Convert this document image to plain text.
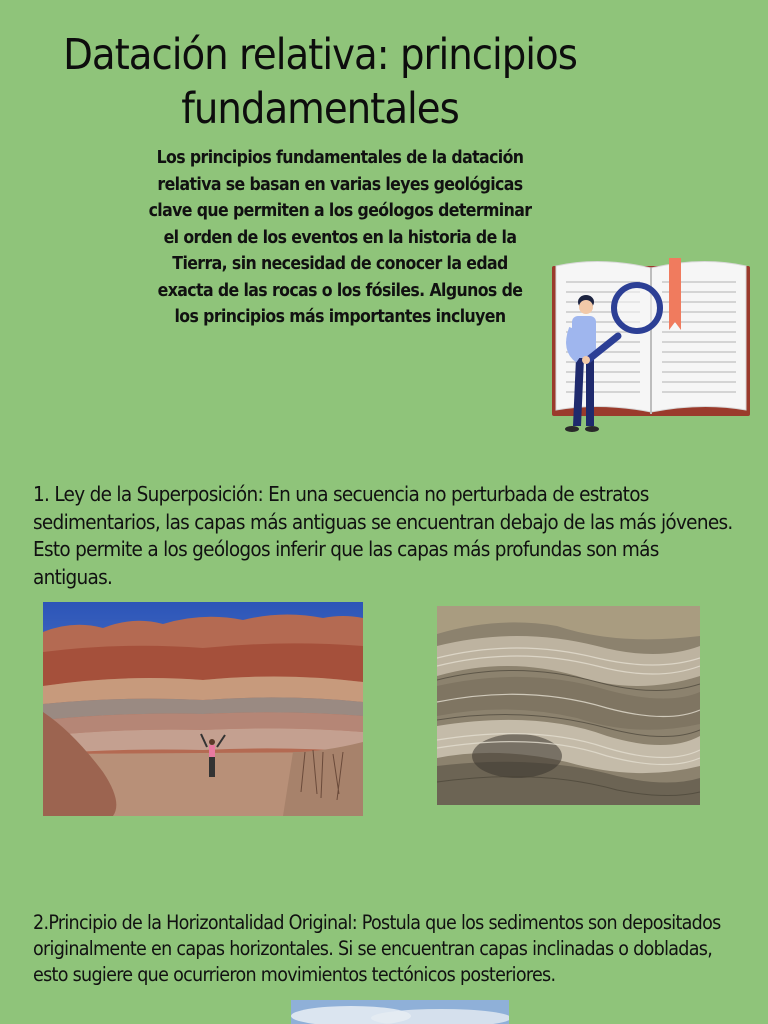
Datación relativa: principios fundamentales
Los principios fundamentales de la datación relativa se basan en varias leyes geológicas clave que permiten a los geólogos determinar el orden de los eventos en la historia de la Tierra, sin necesidad de conocer la edad exacta de las rocas o los fósiles. Algunos de los principios más importantes incluyen
1. Ley de la Superposición: En una secuencia no perturbada de estratos sedimentarios, las capas más antiguas se encuentran debajo de las más jóvenes. Esto permite a los geólogos inferir que las capas más profundas son más antiguas.
2.Principio de la Horizontalidad Original: Postula que los sedimentos son depositados originalmente en capas horizontales. Si se encuentran capas inclinadas o dobladas, esto sugiere que ocurrieron movimientos tectónicos posteriores.
